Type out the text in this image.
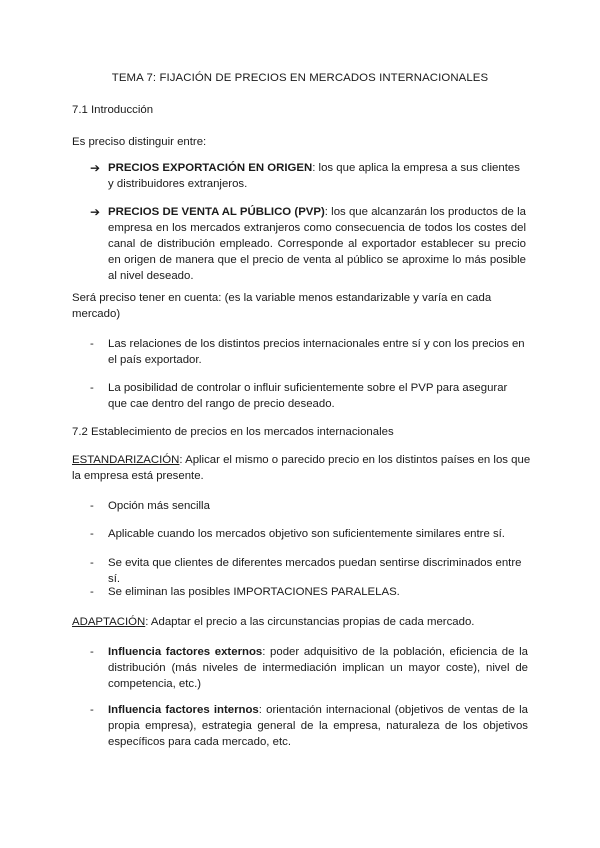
TEMA 7: FIJACIÓN DE PRECIOS EN MERCADOS INTERNACIONALES
7.1 Introducción
Es preciso distinguir entre:
➔ PRECIOS EXPORTACIÓN EN ORIGEN: los que aplica la empresa a sus clientes y distribuidores extranjeros.
➔ PRECIOS DE VENTA AL PÚBLICO (PVP): los que alcanzarán los productos de la empresa en los mercados extranjeros como consecuencia de todos los costes del canal de distribución empleado. Corresponde al exportador establecer su precio en origen de manera que el precio de venta al público se aproxime lo más posible al nivel deseado.
Será preciso tener en cuenta: (es la variable menos estandarizable y varía en cada mercado)
- Las relaciones de los distintos precios internacionales entre sí y con los precios en el país exportador.
- La posibilidad de controlar o influir suficientemente sobre el PVP para asegurar que cae dentro del rango de precio deseado.
7.2 Establecimiento de precios en los mercados internacionales
ESTANDARIZACIÓN: Aplicar el mismo o parecido precio en los distintos países en los que la empresa está presente.
- Opción más sencilla
- Aplicable cuando los mercados objetivo son suficientemente similares entre sí.
- Se evita que clientes de diferentes mercados puedan sentirse discriminados entre sí.
- Se eliminan las posibles IMPORTACIONES PARALELAS.
ADAPTACIÓN: Adaptar el precio a las circunstancias propias de cada mercado.
- Influencia factores externos: poder adquisitivo de la población, eficiencia de la distribución (más niveles de intermediación implican un mayor coste), nivel de competencia, etc.)
- Influencia factores internos: orientación internacional (objetivos de ventas de la propia empresa), estrategia general de la empresa, naturaleza de los objetivos específicos para cada mercado, etc.
